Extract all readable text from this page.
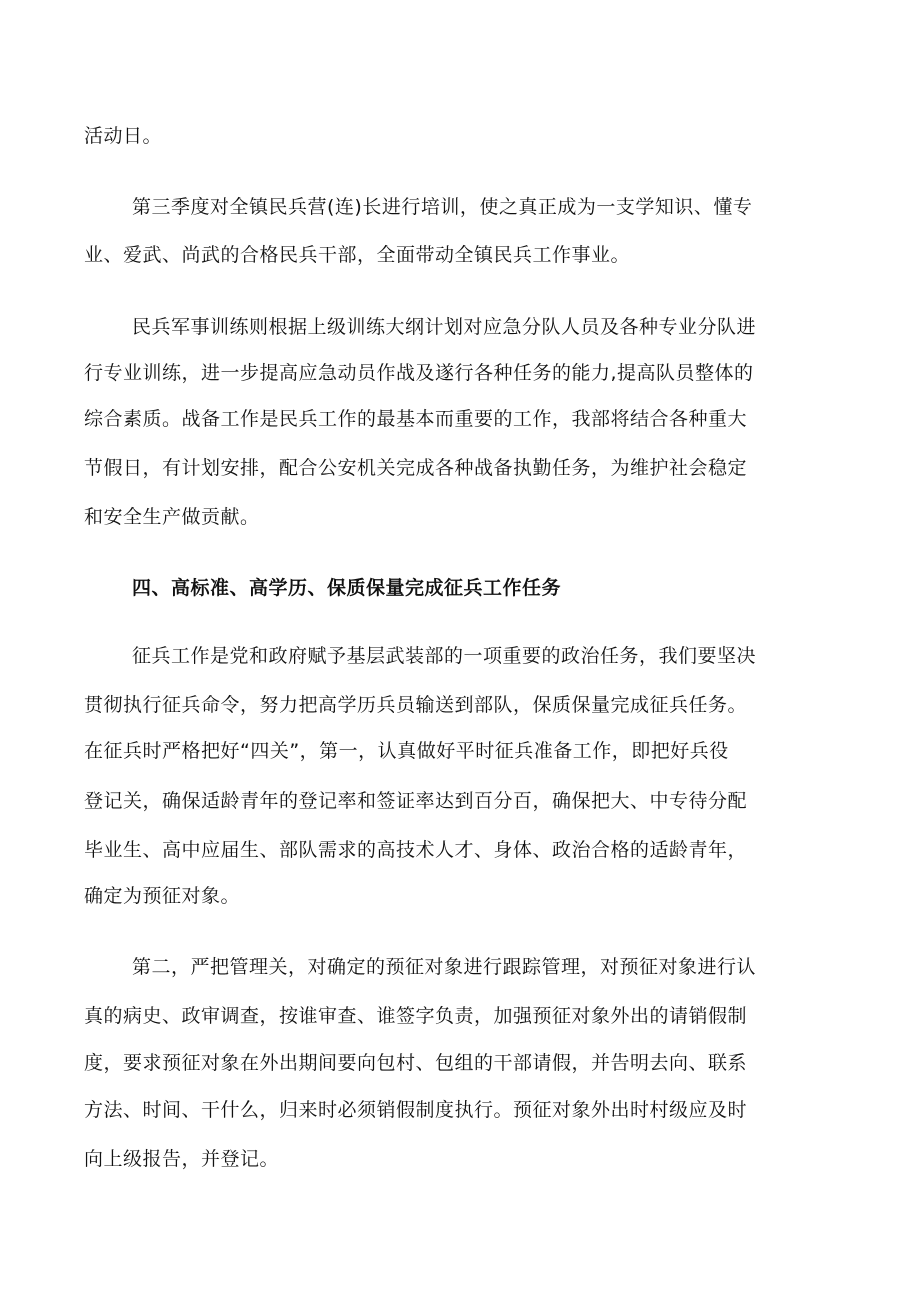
活动日。
第三季度对全镇民兵营(连)长进行培训，使之真正成为一支学知识、懂专
业、爱武、尚武的合格民兵干部，全面带动全镇民兵工作事业。
民兵军事训练则根据上级训练大纲计划对应急分队人员及各种专业分队进
行专业训练，进一步提高应急动员作战及遂行各种任务的能力,提高队员整体的
综合素质。战备工作是民兵工作的最基本而重要的工作，我部将结合各种重大
节假日，有计划安排，配合公安机关完成各种战备执勤任务，为维护社会稳定
和安全生产做贡献。
四、高标准、高学历、保质保量完成征兵工作任务
征兵工作是党和政府赋予基层武装部的一项重要的政治任务，我们要坚决
贯彻执行征兵命令，努力把高学历兵员输送到部队，保质保量完成征兵任务。
在征兵时严格把好“四关”，第一，认真做好平时征兵准备工作，即把好兵役
登记关，确保适龄青年的登记率和签证率达到百分百，确保把大、中专待分配
毕业生、高中应届生、部队需求的高技术人才、身体、政治合格的适龄青年，
确定为预征对象。
第二，严把管理关，对确定的预征对象进行跟踪管理，对预征对象进行认
真的病史、政审调查，按谁审查、谁签字负责，加强预征对象外出的请销假制
度，要求预征对象在外出期间要向包村、包组的干部请假，并告明去向、联系
方法、时间、干什么，归来时必须销假制度执行。预征对象外出时村级应及时
向上级报告，并登记。
